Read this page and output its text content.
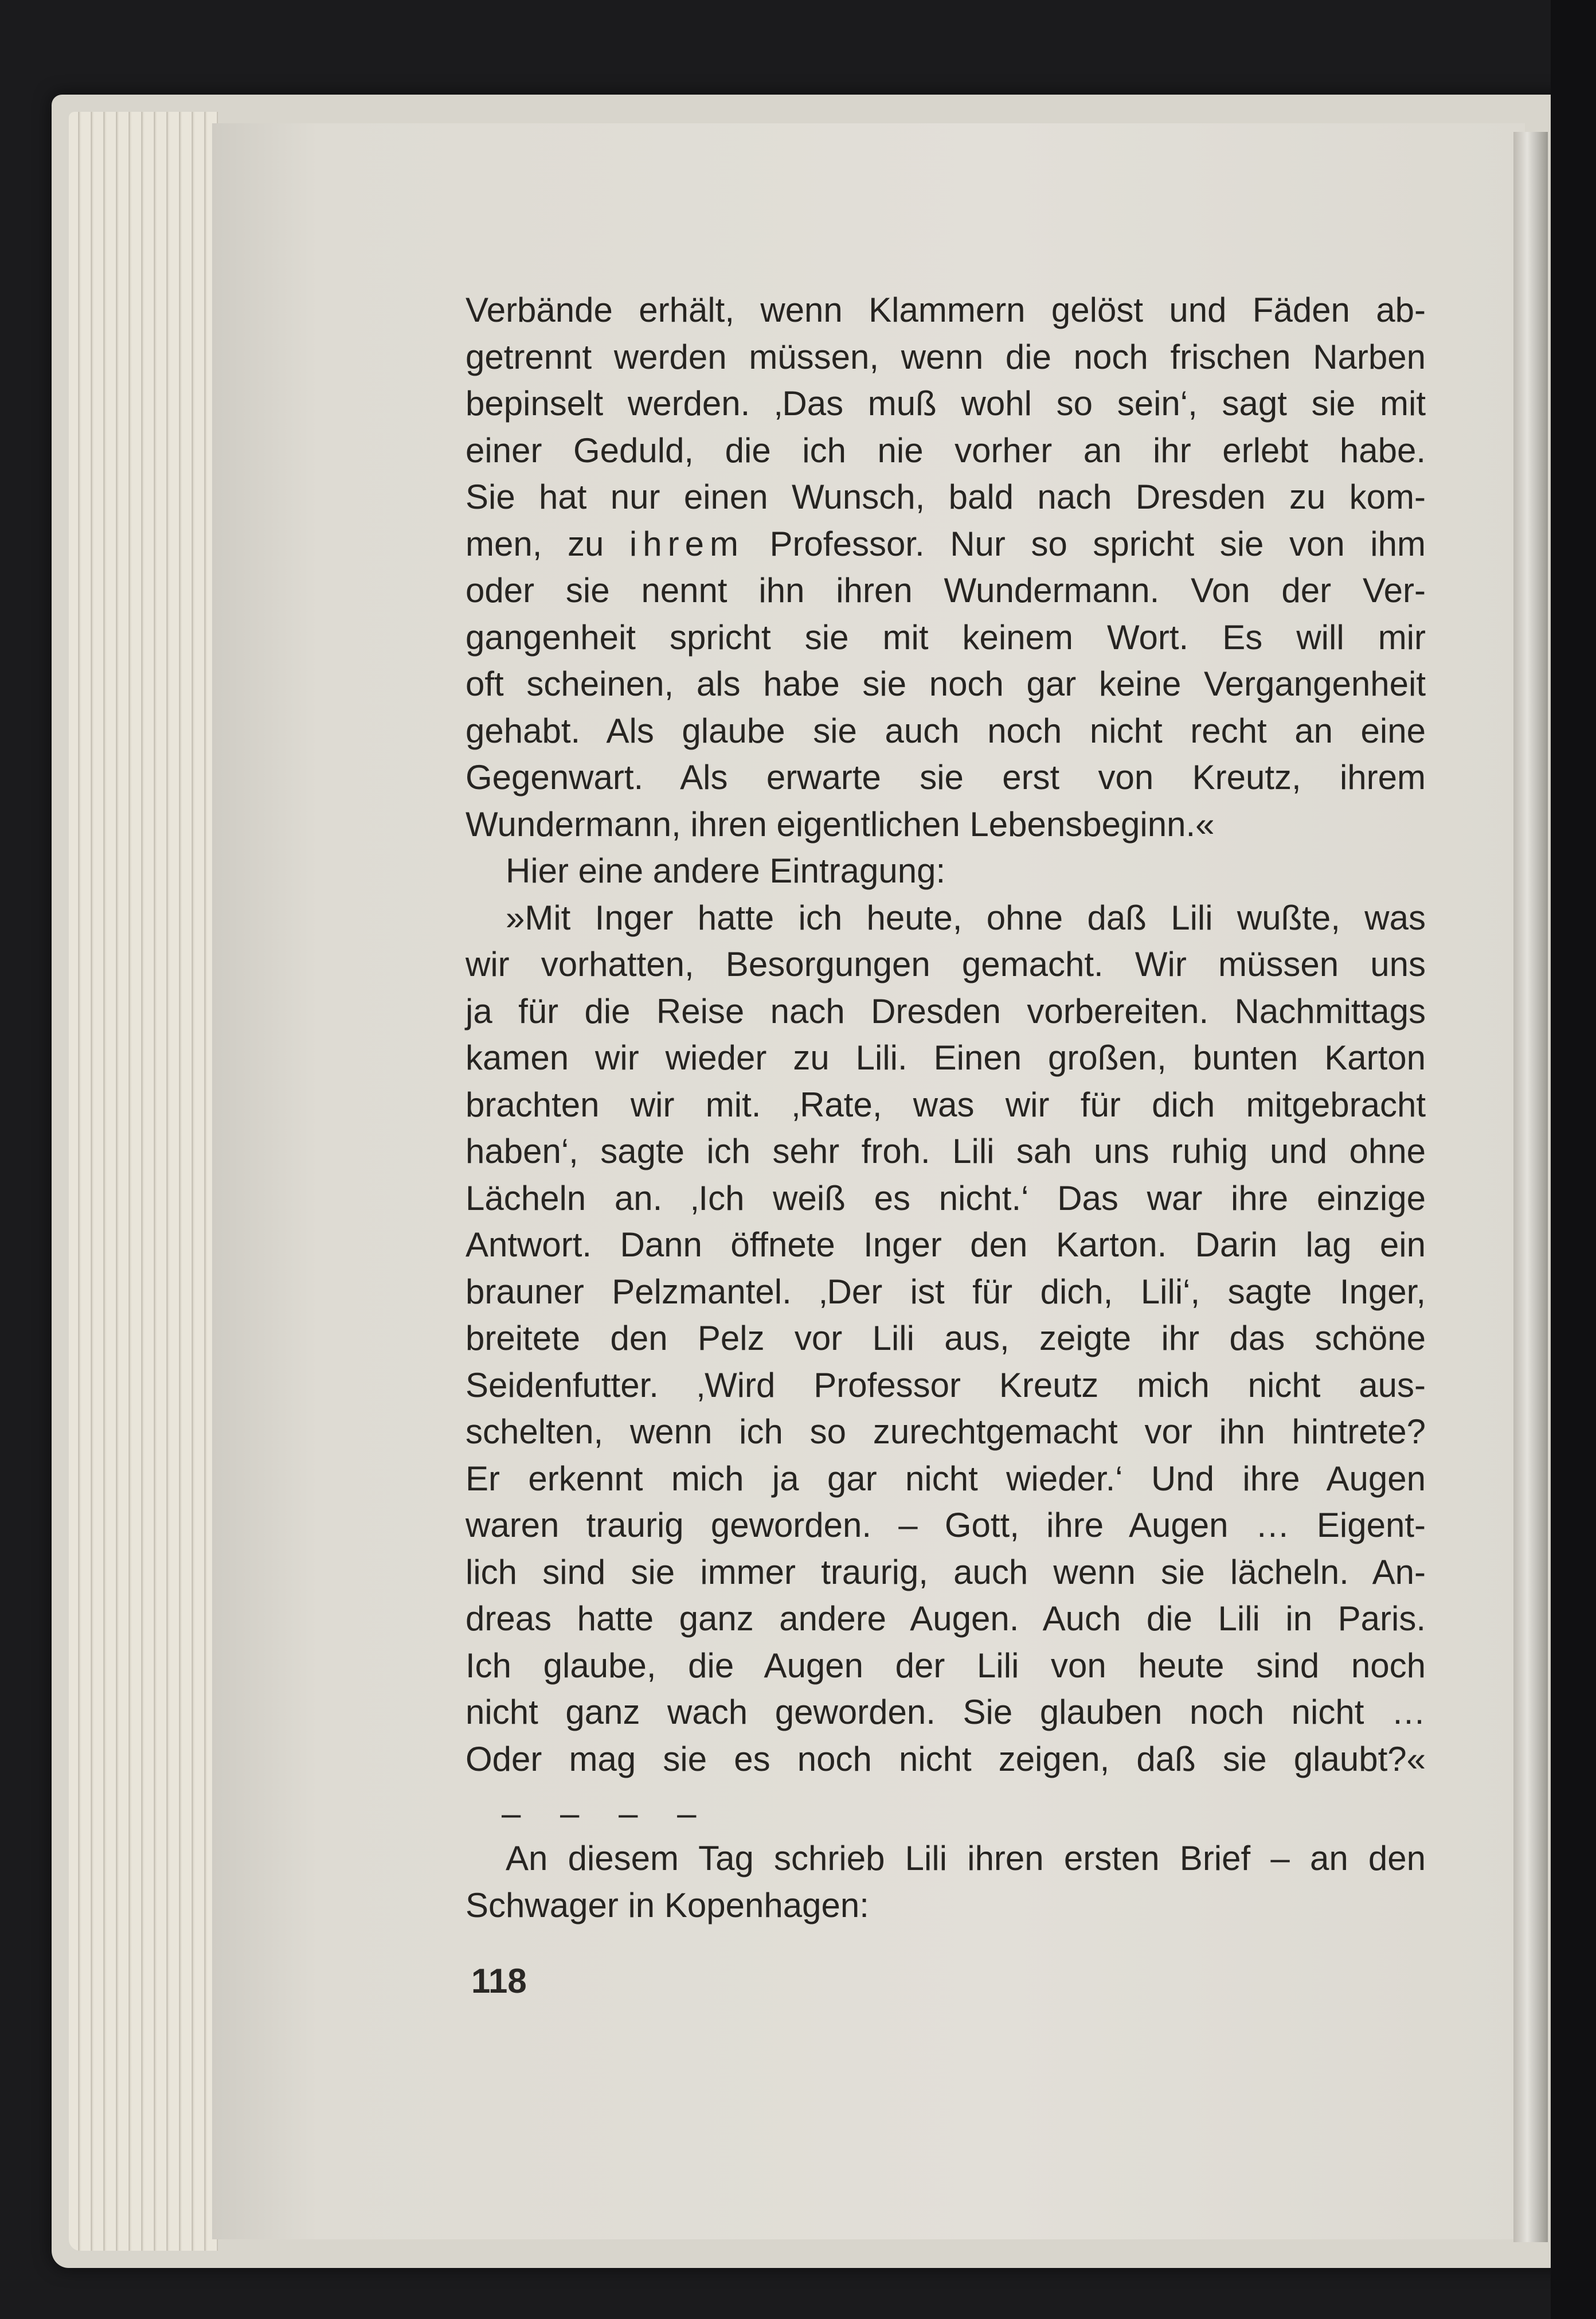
Verbände erhält, wenn Klammern gelöst und Fäden ab-
getrennt werden müssen, wenn die noch frischen Narben
bepinselt werden. ‚Das muß wohl so sein‘, sagt sie mit
einer Geduld, die ich nie vorher an ihr erlebt habe.
Sie hat nur einen Wunsch, bald nach Dresden zu kom-
men, zu ihrem Professor. Nur so spricht sie von ihm
oder sie nennt ihn ihren Wundermann. Von der Ver-
gangenheit spricht sie mit keinem Wort. Es will mir
oft scheinen, als habe sie noch gar keine Vergangenheit
gehabt. Als glaube sie auch noch nicht recht an eine
Gegenwart. Als erwarte sie erst von Kreutz, ihrem
Wundermann, ihren eigentlichen Lebensbeginn.«
Hier eine andere Eintragung:
»Mit Inger hatte ich heute, ohne daß Lili wußte, was
wir vorhatten, Besorgungen gemacht. Wir müssen uns
ja für die Reise nach Dresden vorbereiten. Nachmittags
kamen wir wieder zu Lili. Einen großen, bunten Karton
brachten wir mit. ‚Rate, was wir für dich mitgebracht
haben‘, sagte ich sehr froh. Lili sah uns ruhig und ohne
Lächeln an. ‚Ich weiß es nicht.‘ Das war ihre einzige
Antwort. Dann öffnete Inger den Karton. Darin lag ein
brauner Pelzmantel. ‚Der ist für dich, Lili‘, sagte Inger,
breitete den Pelz vor Lili aus, zeigte ihr das schöne
Seidenfutter. ‚Wird Professor Kreutz mich nicht aus-
schelten, wenn ich so zurechtgemacht vor ihn hintrete?
Er erkennt mich ja gar nicht wieder.‘ Und ihre Augen
waren traurig geworden. – Gott, ihre Augen … Eigent-
lich sind sie immer traurig, auch wenn sie lächeln. An-
dreas hatte ganz andere Augen. Auch die Lili in Paris.
Ich glaube, die Augen der Lili von heute sind noch
nicht ganz wach geworden. Sie glauben noch nicht …
Oder mag sie es noch nicht zeigen, daß sie glaubt?«
– – – –
An diesem Tag schrieb Lili ihren ersten Brief – an den
Schwager in Kopenhagen:
118
